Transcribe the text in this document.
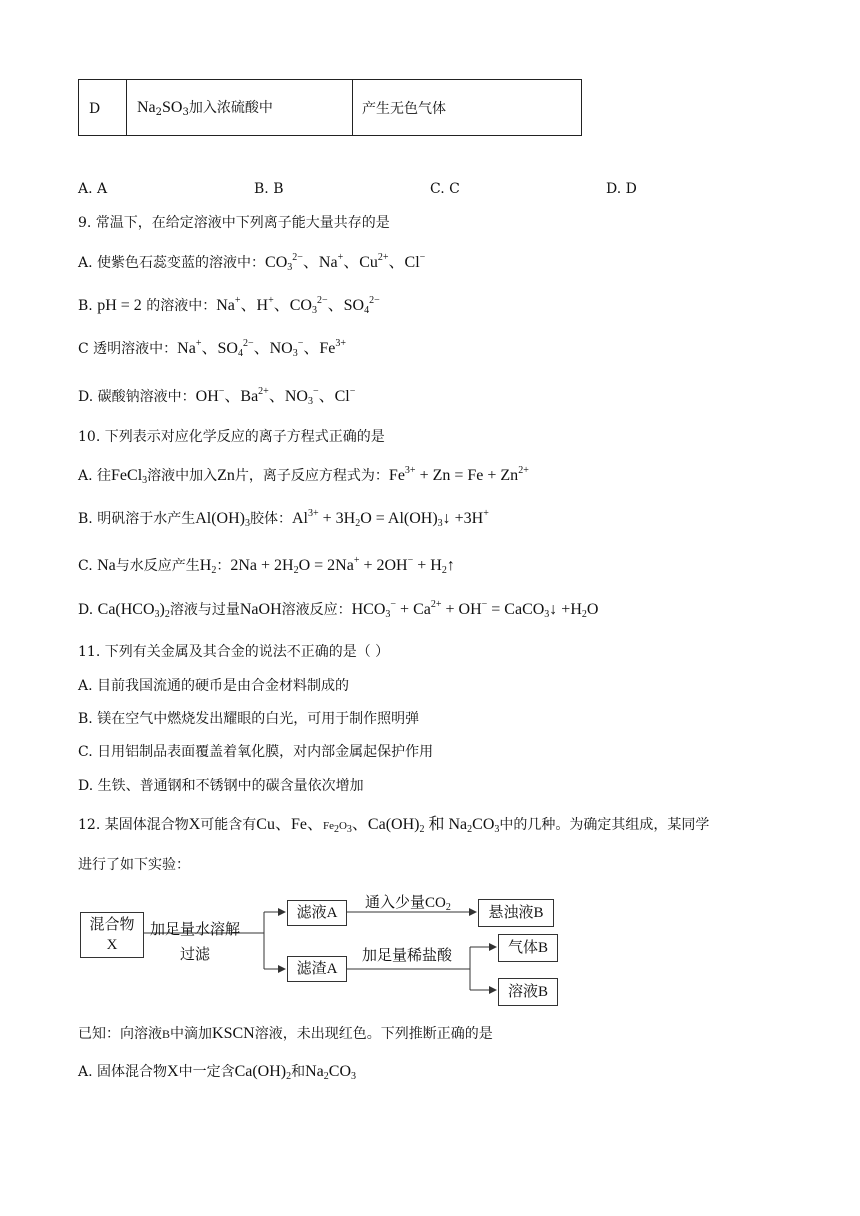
D $Na_2SO_3$加入浓硫酸中	产生无色气体
A. A	B. B	C. C	D. D
9. 常温下，在给定溶液中下列离子能大量共存的是
A. 使紫色石蕊变蓝的溶液中：$CO_3^{2-}$、Na+、$Cu^{2+}$、Cl−
B. pH = 2 的溶液中：Na+、H+、$CO_3^{2-}$、$SO_4^{2-}$
C 透明溶液中：Na+、$SO_4^{2-}$、$NO_3^-$、$Fe^{3+}$
D. 碳酸钠溶液中：OH−、$Ba^{2+}$、$NO_3^-$、Cl−
10. 下列表示对应化学反应的离子方程式正确的是
A. 往FeCl$_3$溶液中加入Zn片，离子反应方程式为：$Fe^{3+} + Zn = Fe + Zn^{2+}$
B. 明矾溶于水产生$Al(OH)_3$胶体：$Al^{3+} + 3H_2O$ = $Al(OH)_3↓ +3H^+$
C. Na与水反应产生$H_2$：$2Na + 2H_2O = 2Na^+ + 2OH^-$ + $H_2↑$
D. $Ca(HCO_3)_2$溶液与过量NaOH溶液反应：$HCO_3^- + Ca^{2+} + OH^-$ = CaCO$_3$↓ $+H_2O$
11. 下列有关金属及其合金的说法不正确的是（ ）
A. 目前我国流通的硬币是由合金材料制成的
B. 镁在空气中燃烧发出耀眼的白光，可用于制作照明弹
C. 日用铝制品表面覆盖着氧化膜，对内部金属起保护作用
D. 生铁、普通钢和不锈钢中的碳含量依次增加
12. 某固体混合物X可能含有Cu、Fe、$Fe_2O_3$、$Ca(OH)_2$ 和 $Na_2CO_3$中的几种。为确定其组成，某同学
进行了如下实验：
混合物
X
加足量水溶解
过滤
滤液A
滤渣A
通入少量$CO_2$	悬浊液B
加足量稀盐酸	气体B
溶液B
已知：向溶液B中滴加KSCN溶液，未出现红色。下列推断正确的是
A. 固体混合物X中一定含$Ca(OH)_2$和$Na_2CO_3$
